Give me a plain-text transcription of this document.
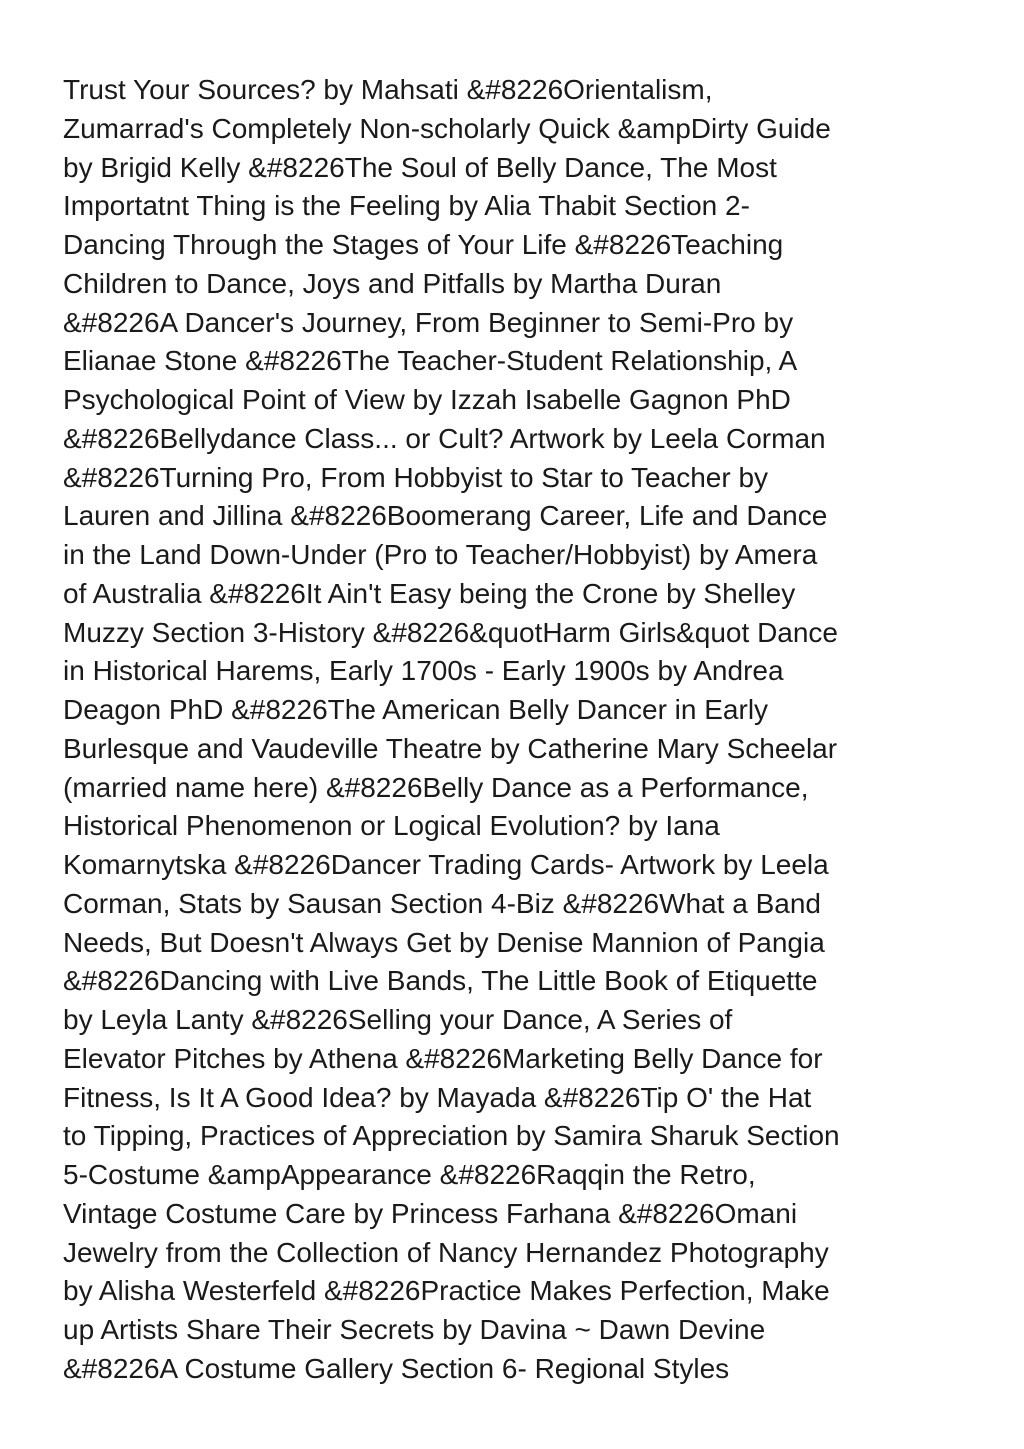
Trust Your Sources? by Mahsati &#8226Orientalism,
Zumarrad's Completely Non-scholarly Quick &ampDirty Guide
by Brigid Kelly &#8226The Soul of Belly Dance, The Most
Importatnt Thing is the Feeling by Alia Thabit Section 2-
Dancing Through the Stages of Your Life &#8226Teaching
Children to Dance, Joys and Pitfalls by Martha Duran
&#8226A Dancer's Journey, From Beginner to Semi-Pro by
Elianae Stone &#8226The Teacher-Student Relationship, A
Psychological Point of View by Izzah Isabelle Gagnon PhD
&#8226Bellydance Class... or Cult? Artwork by Leela Corman
&#8226Turning Pro, From Hobbyist to Star to Teacher by
Lauren and Jillina &#8226Boomerang Career, Life and Dance
in the Land Down-Under (Pro to Teacher/Hobbyist) by Amera
of Australia &#8226It Ain't Easy being the Crone by Shelley
Muzzy Section 3-History &#8226&quotHarm Girls&quot Dance
in Historical Harems, Early 1700s - Early 1900s by Andrea
Deagon PhD &#8226The American Belly Dancer in Early
Burlesque and Vaudeville Theatre by Catherine Mary Scheelar
(married name here) &#8226Belly Dance as a Performance,
Historical Phenomenon or Logical Evolution? by Iana
Komarnytska &#8226Dancer Trading Cards- Artwork by Leela
Corman, Stats by Sausan Section 4-Biz &#8226What a Band
Needs, But Doesn't Always Get by Denise Mannion of Pangia
&#8226Dancing with Live Bands, The Little Book of Etiquette
by Leyla Lanty &#8226Selling your Dance, A Series of
Elevator Pitches by Athena &#8226Marketing Belly Dance for
Fitness, Is It A Good Idea? by Mayada &#8226Tip O' the Hat
to Tipping, Practices of Appreciation by Samira Sharuk Section
5-Costume &ampAppearance &#8226Raqqin the Retro,
Vintage Costume Care by Princess Farhana &#8226Omani
Jewelry from the Collection of Nancy Hernandez Photography
by Alisha Westerfeld &#8226Practice Makes Perfection, Make
up Artists Share Their Secrets by Davina ~ Dawn Devine
&#8226A Costume Gallery Section 6- Regional Styles
